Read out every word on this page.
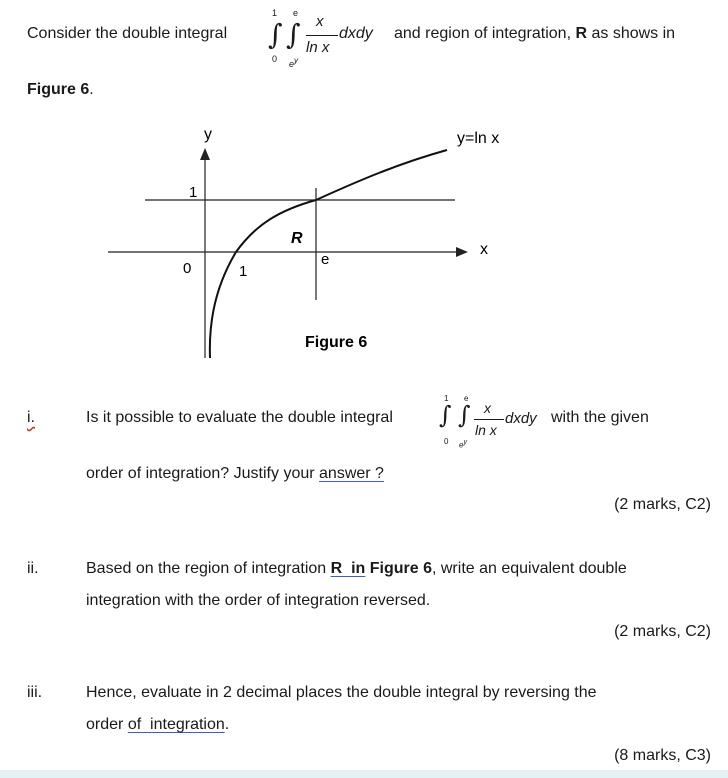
Consider the double integral ∫ ∫
1
0
e
$e^y$
x
ln x
dxdy and region of integration, R as shows in
Figure 6.
y
x
1
0	1
e
R
y=ln x
Figure 6
i.	Is it possible to evaluate the double integral ∫ ∫
1
0
e
$e^y$
x
ln x
dxdy with the given
order of integration? Justify your answer ?
(2 marks, C2)
ii.	Based on the region of integration R  in Figure 6, write an equivalent double
integration with the order of integration reversed.
(2 marks, C2)
iii.	Hence, evaluate in 2 decimal places the double integral by reversing the
order of  integration.
(8 marks, C3)
